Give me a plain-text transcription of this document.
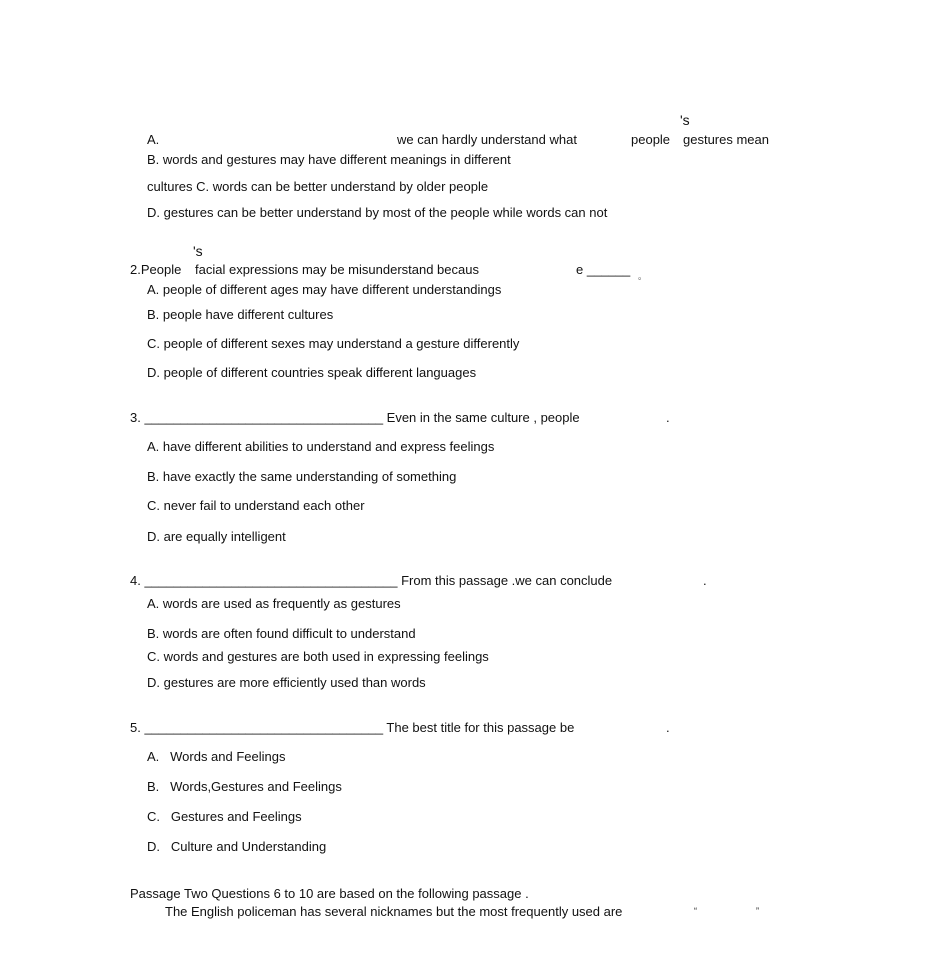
's
A.	we can hardly understand what	people gestures mean
B. words and gestures may have different meanings in different
cultures C. words can be better understand by older people
D. gestures can be better understand by most of the people while words can not
's
2.People facial expressions may be misunderstand becaus	e ______ 。
A. people of different ages may have different understandings
B. people have different cultures
C. people of different sexes may understand a gesture differently
D. people of different countries speak different languages
3. _________________________________ Even in the same culture , people	.
A. have different abilities to understand and express feelings
B. have exactly the same understanding of something
C. never fail to understand each other
D. are equally intelligent
4. ___________________________________ From this passage .we can conclude	.
A. words are used as frequently as gestures
B. words are often found difficult to understand
C. words and gestures are both used in expressing feelings
D. gestures are more efficiently used than words
5. _________________________________ The best title for this passage be	.
A.   Words and Feelings
B.   Words,Gestures and Feelings
C.   Gestures and Feelings
D.   Culture and Understanding
Passage Two Questions 6 to 10 are based on the following passage .
The English policeman has several nicknames but the most frequently used are	“	”
